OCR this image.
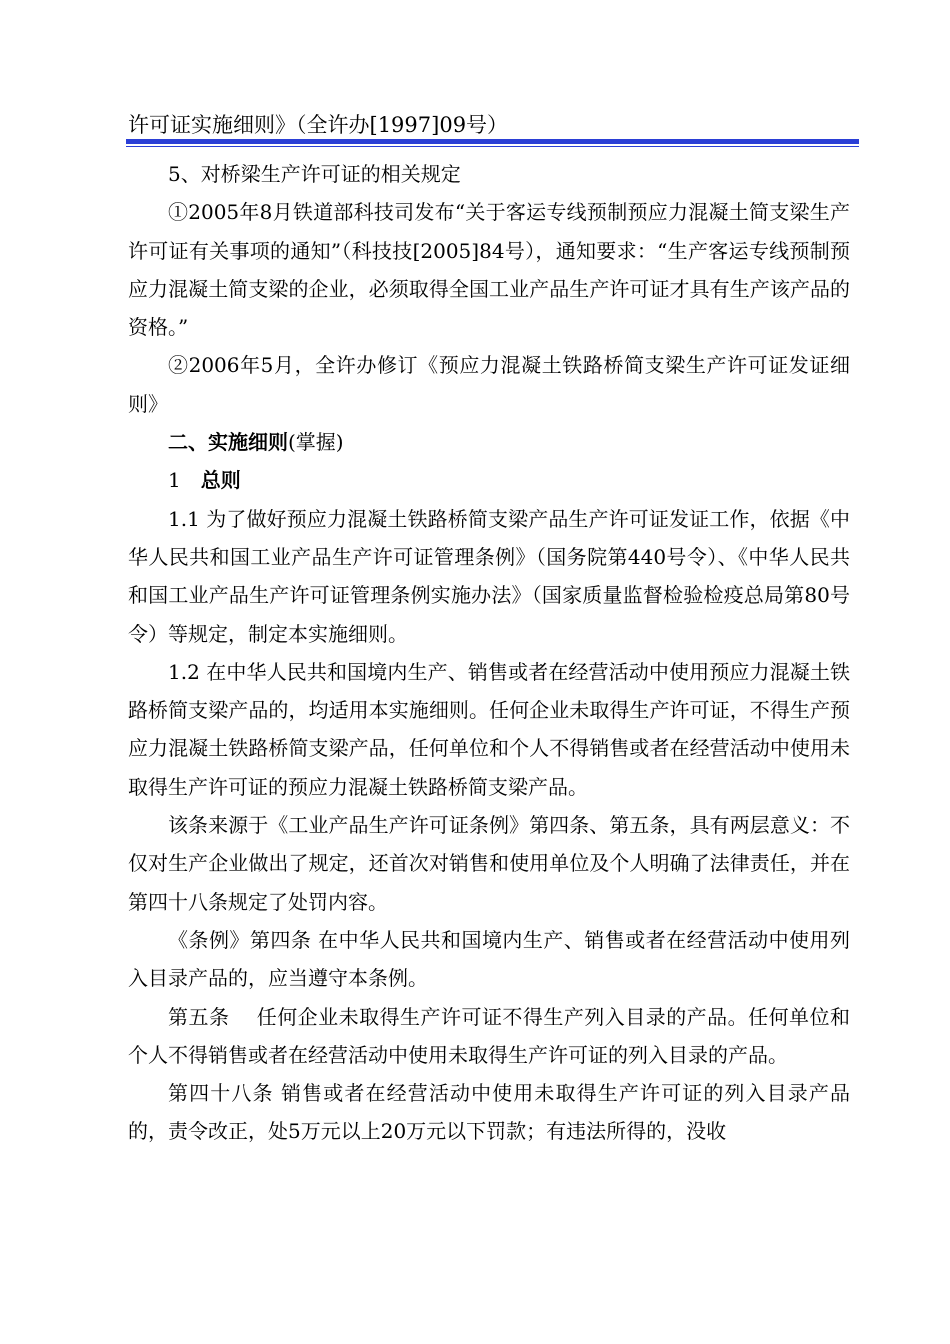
许可证实施细则》（全许办[1997]09号）

5、对桥梁生产许可证的相关规定

①2005年8月铁道部科技司发布“关于客运专线预制预应力混凝土简支梁生产许可证有关事项的通知”（科技技[2005]84号），通知要求：“生产客运专线预制预应力混凝土简支梁的企业，必须取得全国工业产品生产许可证才具有生产该产品的资格。”

②2006年5月，全许办修订《预应力混凝土铁路桥简支梁生产许可证发证细则》

二、实施细则(掌握)

1　 总则

1.1 为了做好预应力混凝土铁路桥简支梁产品生产许可证发证工作，依据《中华人民共和国工业产品生产许可证管理条例》（国务院第440号令）、《中华人民共和国工业产品生产许可证管理条例实施办法》（国家质量监督检验检疫总局第80号令）等规定，制定本实施细则。

1.2 在中华人民共和国境内生产、销售或者在经营活动中使用预应力混凝土铁路桥简支梁产品的，均适用本实施细则。任何企业未取得生产许可证，不得生产预应力混凝土铁路桥简支梁产品，任何单位和个人不得销售或者在经营活动中使用未取得生产许可证的预应力混凝土铁路桥简支梁产品。

该条来源于《工业产品生产许可证条例》第四条、第五条，具有两层意义：不仅对生产企业做出了规定，还首次对销售和使用单位及个人明确了法律责任，并在第四十八条规定了处罚内容。

《条例》第四条 在中华人民共和国境内生产、销售或者在经营活动中使用列入目录产品的，应当遵守本条例。

第五条　 任何企业未取得生产许可证不得生产列入目录的产品。任何单位和个人不得销售或者在经营活动中使用未取得生产许可证的列入目录的产品。

第四十八条 销售或者在经营活动中使用未取得生产许可证的列入目录产品的，责令改正，处5万元以上20万元以下罚款；有违法所得的，没收
